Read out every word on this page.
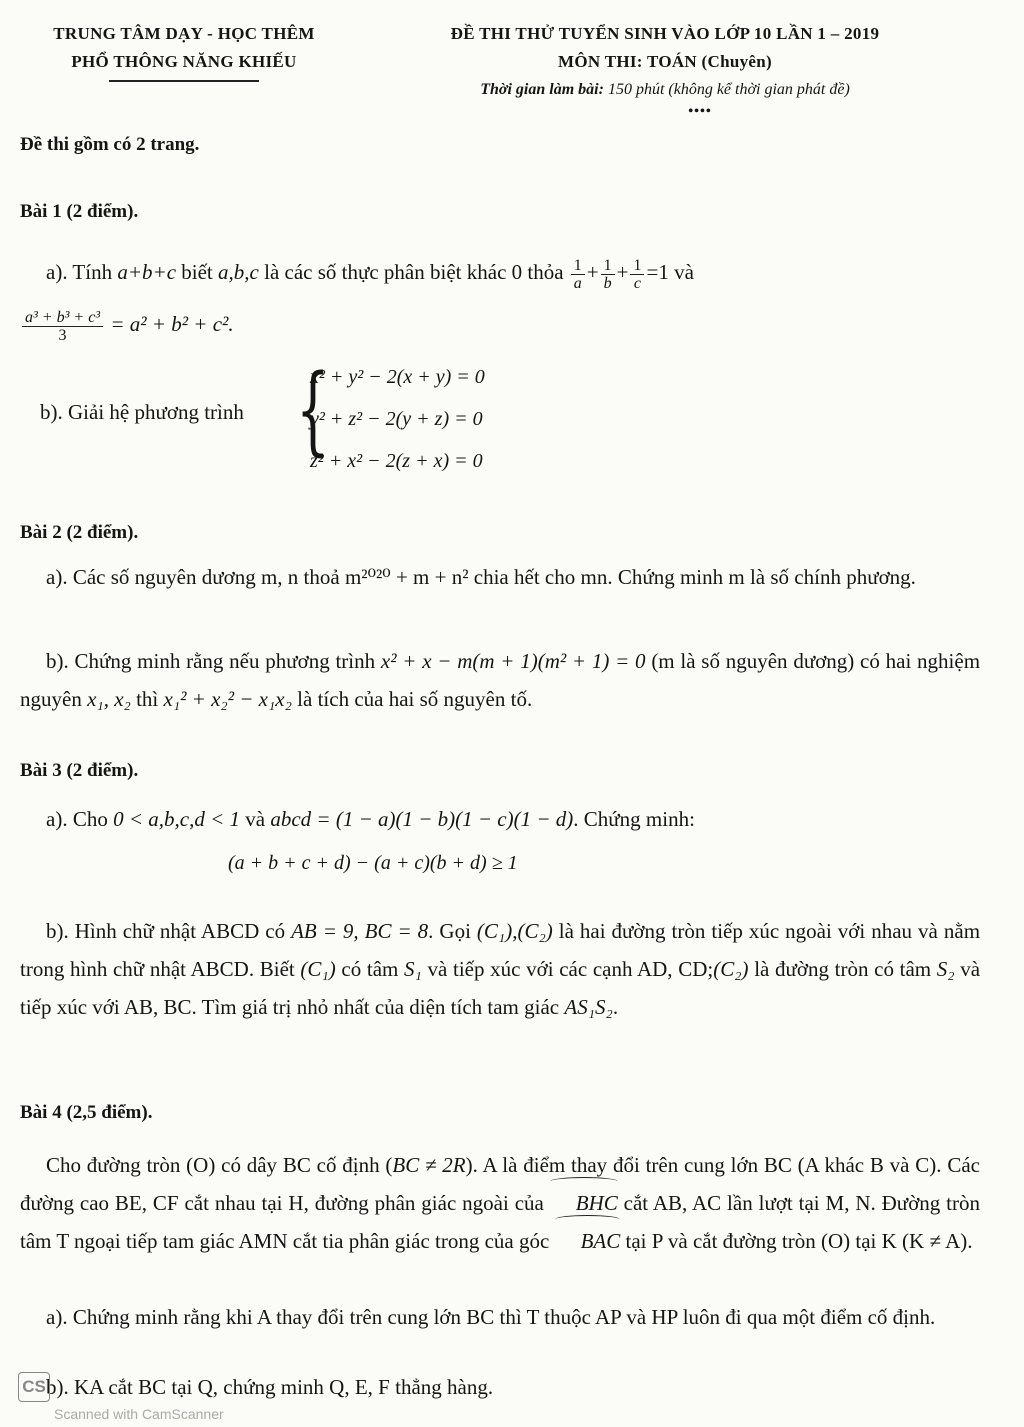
TRUNG TÂM DẠY - HỌC THÊM
PHỔ THÔNG NĂNG KHIẾU
ĐỀ THI THỬ TUYỂN SINH VÀO LỚP 10 LẦN 1 – 2019
MÔN THI: TOÁN (Chuyên)
Thời gian làm bài: 150 phút (không kể thời gian phát đề)
••••
Đề thi gồm có 2 trang.
Bài 1 (2 điểm).
a). Tính a+b+c biết a,b,c là các số thực phân biệt khác 0 thỏa $\frac{1}{a} + \frac{1}{b} + \frac{1}{c} =1$ và

$\frac{\text{a³ + b³ + c³}}{3} = a^2 + b^2 + c^2$.
b). Giải hệ phương trình {
x² + y² − 2(x + y) = 0
y² + z² − 2(y + z) = 0
z² + x² − 2(z + x) = 0
Bài 2 (2 điểm).
a). Các số nguyên dương m, n thoả m²⁰²⁰ + m + n² chia hết cho mn. Chứng minh m là số chính phương.
b). Chứng minh rằng nếu phương trình x² + x − m(m + 1)(m² + 1) = 0 (m là số nguyên dương) có hai nghiệm nguyên x₁, x₂ thì x₁² + x₂² − x₁x₂ là tích của hai số nguyên tố.
Bài 3 (2 điểm).
a). Cho 0 < a,b,c,d < 1 và abcd = (1 − a)(1 − b)(1 − c)(1 − d). Chứng minh:
(a + b + c + d) − (a + c)(b + d) ≥ 1
b). Hình chữ nhật ABCD có AB = 9, BC = 8. Gọi (C₁),(C₂) là hai đường tròn tiếp xúc ngoài với nhau và nằm trong hình chữ nhật ABCD. Biết (C₁) có tâm S₁ và tiếp xúc với các cạnh AD, CD;(C₂) là đường tròn có tâm S₂ và tiếp xúc với AB, BC. Tìm giá trị nhỏ nhất của diện tích tam giác AS₁S₂.
Bài 4 (2,5 điểm).
Cho đường tròn (O) có dây BC cố định (BC ≠ 2R). A là điểm thay đổi trên cung lớn BC (A khác B và C). Các đường cao BE, CF cắt nhau tại H, đường phân giác ngoài của BHC cắt AB, AC lần lượt tại M, N. Đường tròn tâm T ngoại tiếp tam giác AMN cắt tia phân giác trong của góc BAC tại P và cắt đường tròn (O) tại K (K ≠ A).
a). Chứng minh rằng khi A thay đổi trên cung lớn BC thì T thuộc AP và HP luôn đi qua một điểm cố định.
b). KA cắt BC tại Q, chứng minh Q, E, F thẳng hàng.
CS
Scanned with CamScanner
